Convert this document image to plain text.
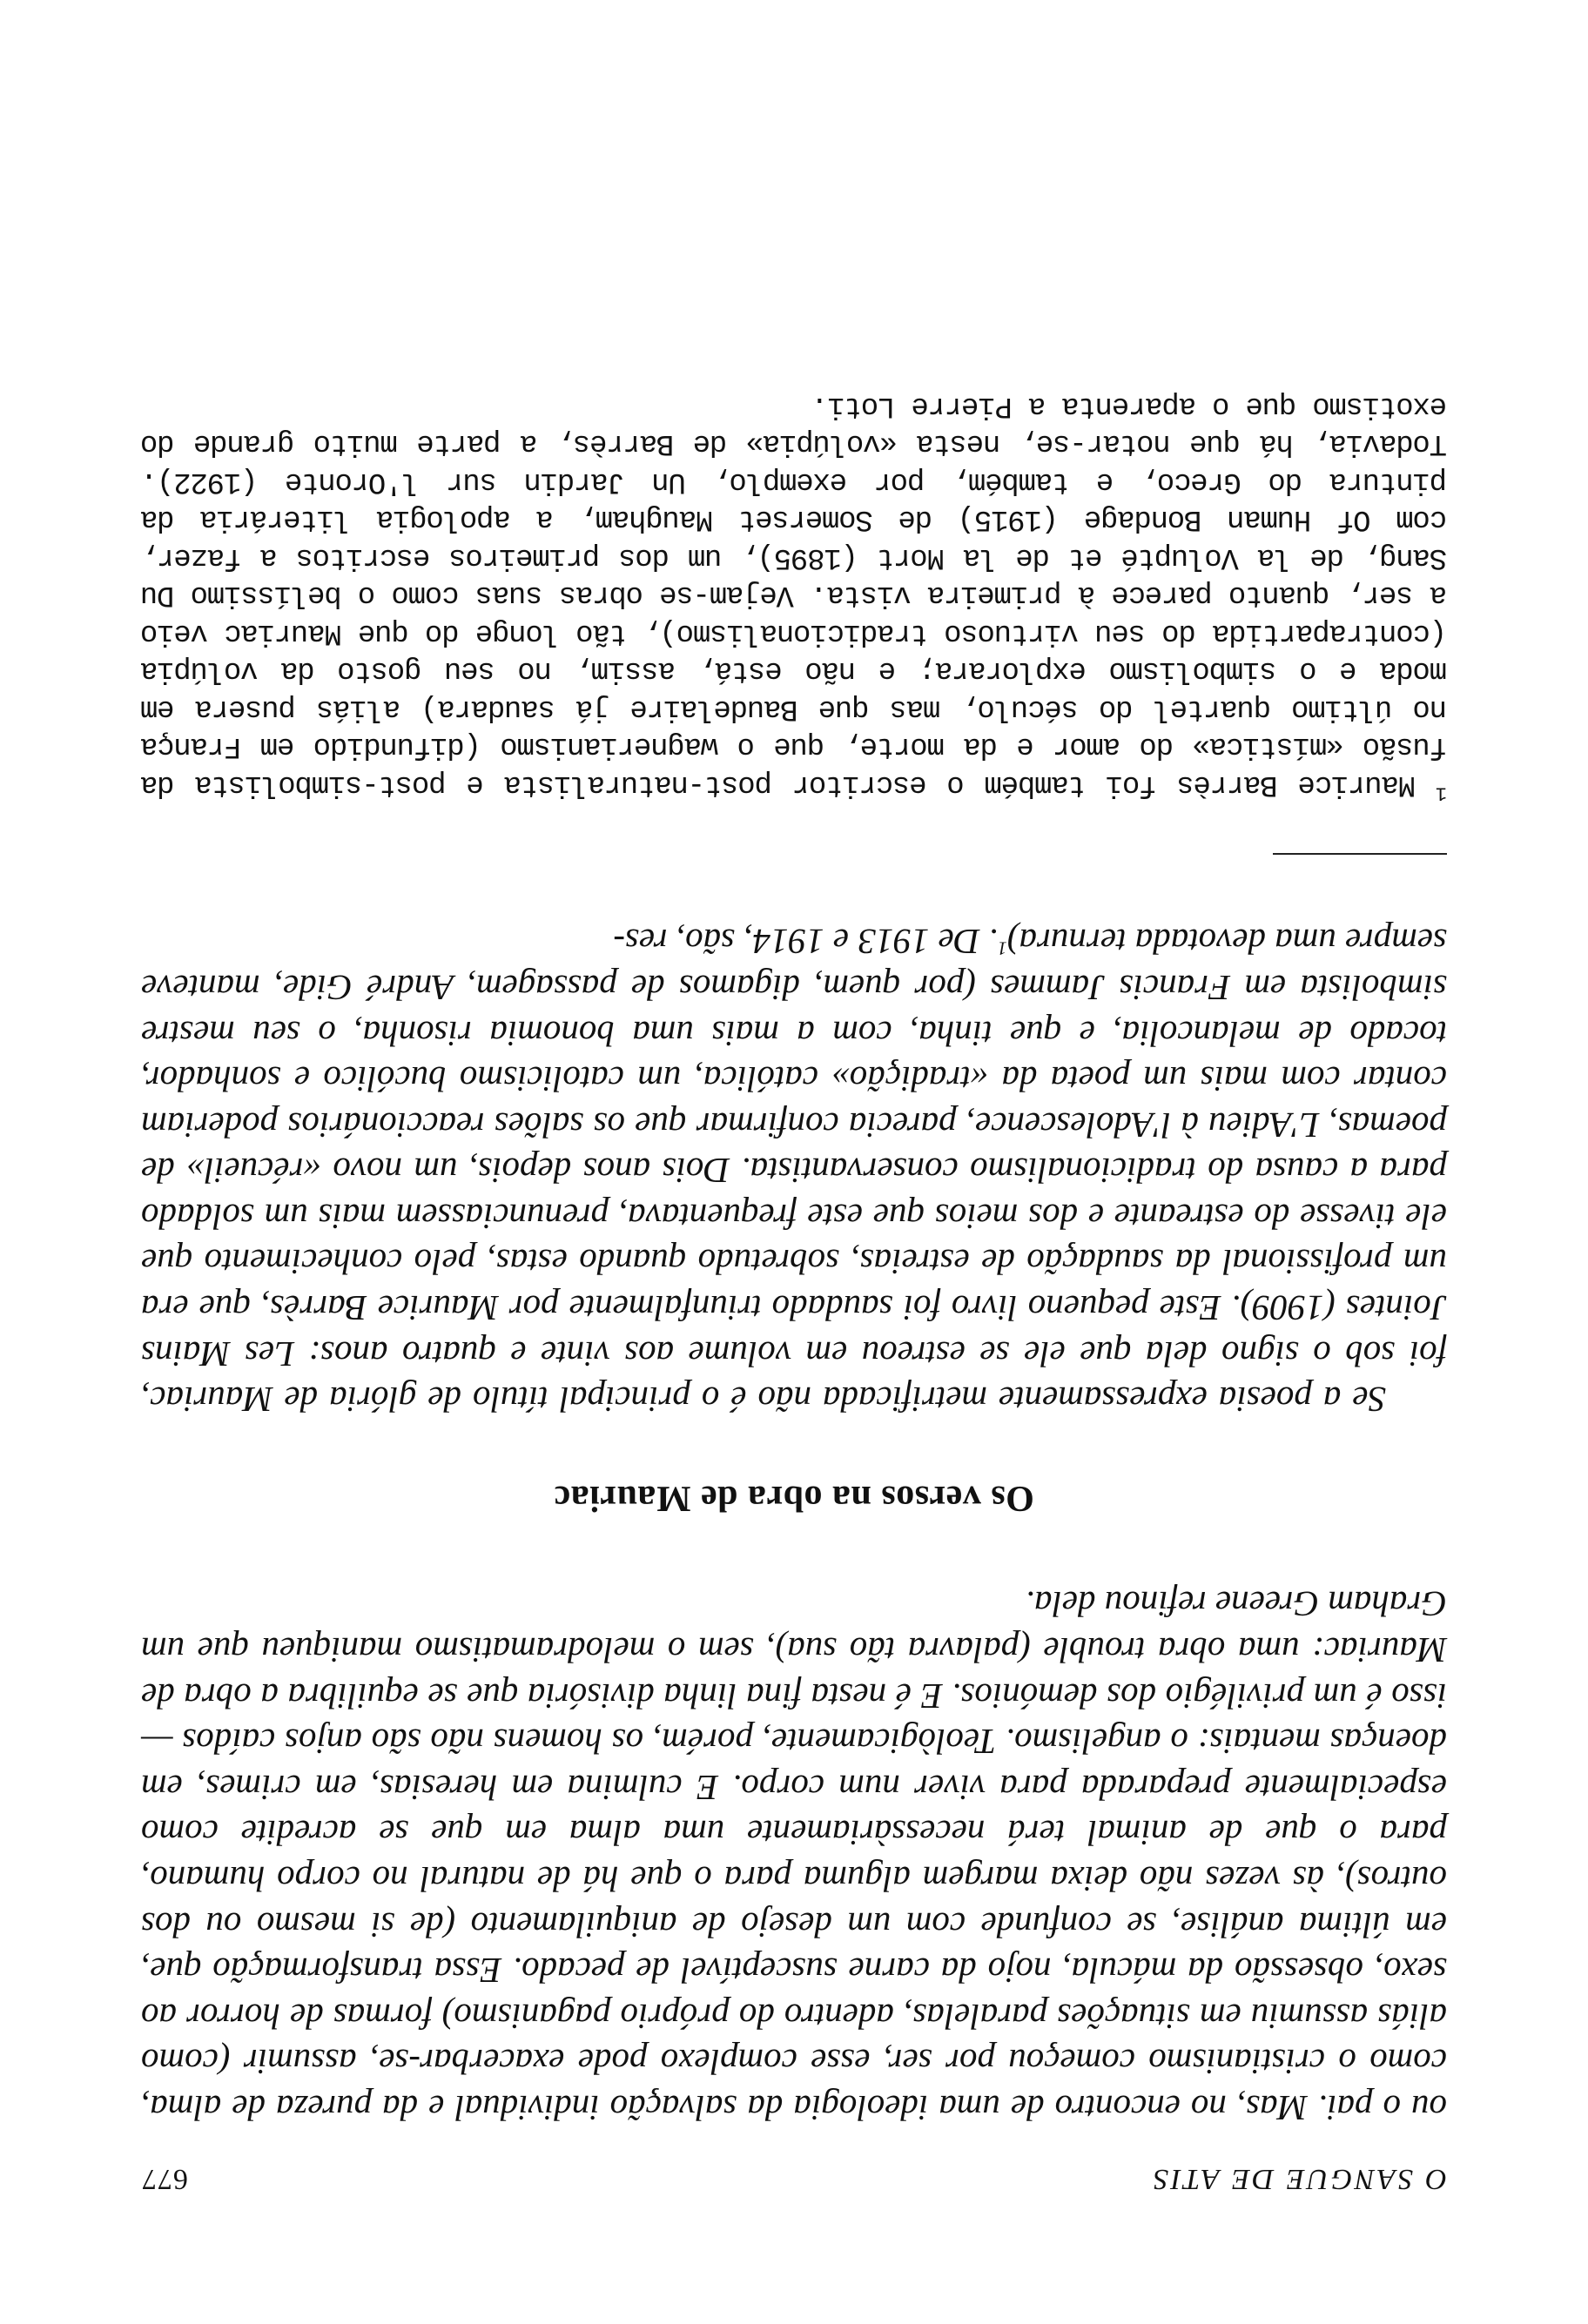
O SANGUE DE ATIS
677

ou o pai. Mas, no encontro de uma ideologia da salvação individual e da pureza de alma, como o cristianismo começou por ser, esse complexo pode exacerbar-se, assumir (como aliás assumiu em situações paralelas, adentro do próprio paganismo) formas de horror ao sexo, obsessão da mácula, nojo da carne susceptível de pecado. Essa transformação que, em última análise, se confunde com um desejo de aniquilamento (de si mesmo ou dos outros), às vezes não deixa margem alguma para o que há de natural no corpo humano, para o que de animal terá necessàriamente uma alma em que se acredite como especialmente preparada para viver num corpo. E culmina em heresias, em crimes, em doenças mentais: o angelismo. Teològicamente, porém, os homens não são anjos caídos — isso é um privilégio dos demónios. E é nesta fina linha divisória que se equilibra a obra de Mauriac: uma obra trouble (palavra tão sua), sem o melodramatismo maniqueu que um Graham Greene refinou dela.

Os versos na obra de Mauriac

Se a poesia expressamente metrificada não é o principal título de glória de Mauriac, foi sob o signo dela que ele se estreou em volume aos vinte e quatro anos: Les Mains Jointes (1909). Este pequeno livro foi saudado triunfalmente por Maurice Barrès, que era um profissional da saudação de estreias, sobretudo quando estas, pelo conhecimento que ele tivesse do estreante e dos meios que este frequentava, prenunciassem mais um soldado para a causa do tradicionalismo conservantista. Dois anos depois, um novo «récueil» de poemas, L'Adieu à l'Adolescence, parecia confirmar que os salões reaccionários poderiam contar com mais um poeta da «tradição» católica, um catolicismo bucólico e sonhador, tocado de melancolia, e que tinha, com a mais uma bonomia risonha, o seu mestre simbolista em Francis Jammes (por quem, digamos de passagem, André Gide, manteve sempre uma devotada ternura)$^1$. De 1913 e 1914, são, res-

$^1$ Maurice Barrès foi também o escritor post-naturalista e post-simbolista da fusão «mística» do amor e da morte, que o wagnerianismo (difundido em França no último quartel do século, mas que Baudelaire já saudara) aliás pusera em moda e o simbolismo explorara; e não está, assim, no seu gosto da volúpia (contrapartida do seu virtuoso tradicionalismo), tão longe do que Mauriac veio a ser, quanto parece à primeira vista. Vejam-se obras suas como o belíssimo Du Sang, de la Volupté et de la Mort (1895), um dos primeiros escritos a fazer, com Of Human Bondage (1915) de Somerset Maugham, a apologia literária da pintura do Greco, e também, por exemplo, Un Jardin sur l'Oronte (1922). Todavia, há que notar-se, nesta «volúpia» de Barrès, a parte muito grande do exotismo que o aparenta a Pierre Loti.
